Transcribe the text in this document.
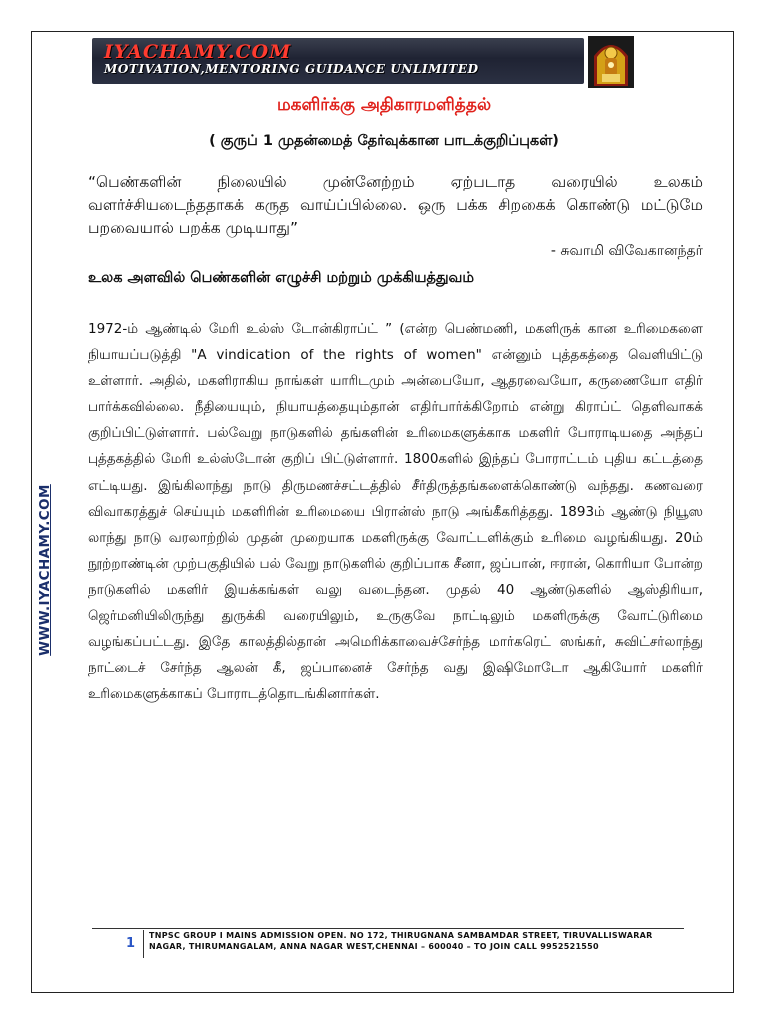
IYACHAMY.COM
MOTIVATION,MENTORING GUIDANCE UNLIMITED
மகளிர்க்கு அதிகாரமளித்தல்
( குருப் 1 முதன்மைத் தேர்வுக்கான பாடக்குறிப்புகள்)
“பெண்களின் நிலையில் முன்னேற்றம் ஏற்படாத வரையில் உலகம் வளர்ச்சியடைந்ததாகக் கருத வாய்ப்பில்லை. ஒரு பக்க சிறகைக் கொண்டு மட்டுமே பறவையால் பறக்க முடியாது”
- சுவாமி விவேகானந்தர்
உலக அளவில் பெண்களின் எழுச்சி மற்றும் முக்கியத்துவம்
1972-ம் ஆண்டில் மேரி உல்ஸ் டோன்கிராப்ட் ” (என்ற பெண்மணி, மகளிருக் கான உரிமைகளை நியாயப்படுத்தி "A vindication of the rights of women" என்னும் புத்தகத்தை வெளியிட்டு உள்ளார். அதில், மகளிராகிய நாங்கள் யாரிடமும் அன்பையோ, ஆதரவையோ, கருணையோ எதிர் பார்க்கவில்லை. நீதியையும், நியாயத்தையும்தான் எதிர்பார்க்கிறோம் என்று கிராப்ட் தெளிவாகக் குறிப்பிட்டுள்ளார். பல்வேறு நாடுகளில் தங்களின் உரிமைகளுக்காக மகளிர் போராடியதை அந்தப் புத்தகத்தில் மேரி உல்ஸ்டோன் குறிப் பிட்டுள்ளார். 1800களில் இந்தப் போராட்டம் புதிய கட்டத்தை எட்டியது. இங்கிலாந்து நாடு திருமணச்சட்டத்தில் சீர்திருத்தங்களைக்கொண்டு வந்தது. கணவரை விவாகரத்துச் செய்யும் மகளிரின் உரிமையை பிரான்ஸ் நாடு அங்கீகரித்தது. 1893ம் ஆண்டு நியூஸ லாந்து நாடு வரலாற்றில் முதன் முறையாக மகளிருக்கு வோட்டளிக்கும் உரிமை வழங்கியது. 20ம் நூற்றாண்டின் முற்பகுதியில் பல் வேறு நாடுகளில் குறிப்பாக சீனா, ஜப்பான், ஈரான், கொரியா போன்ற நாடுகளில் மகளிர் இயக்கங்கள் வலு வடைந்தன. முதல் 40 ஆண்டுகளில் ஆஸ்திரியா, ஜெர்மனியிலிருந்து துருக்கி வரையிலும், உருகுவே நாட்டிலும் மகளிருக்கு வோட்டுரிமை வழங்கப்பட்டது. இதே காலத்தில்தான் அமெரிக்காவைச்சேர்ந்த மார்கரெட் ஸங்கர், சுவிட்சர்லாந்து நாட்டைச் சேர்ந்த ஆலன் கீ, ஜப்பானைச் சேர்ந்த வது இஷிமோடோ ஆகியோர் மகளிர் உரிமைகளுக்காகப் போராடத்தொடங்கினார்கள்.
WWW.IYACHAMY.COM
1
TNPSC GROUP I MAINS ADMISSION OPEN. NO 172, THIRUGNANA SAMBAMDAR STREET, TIRUVALLISWARAR
NAGAR, THIRUMANGALAM, ANNA NAGAR WEST,CHENNAI – 600040 – TO JOIN CALL 9952521550
